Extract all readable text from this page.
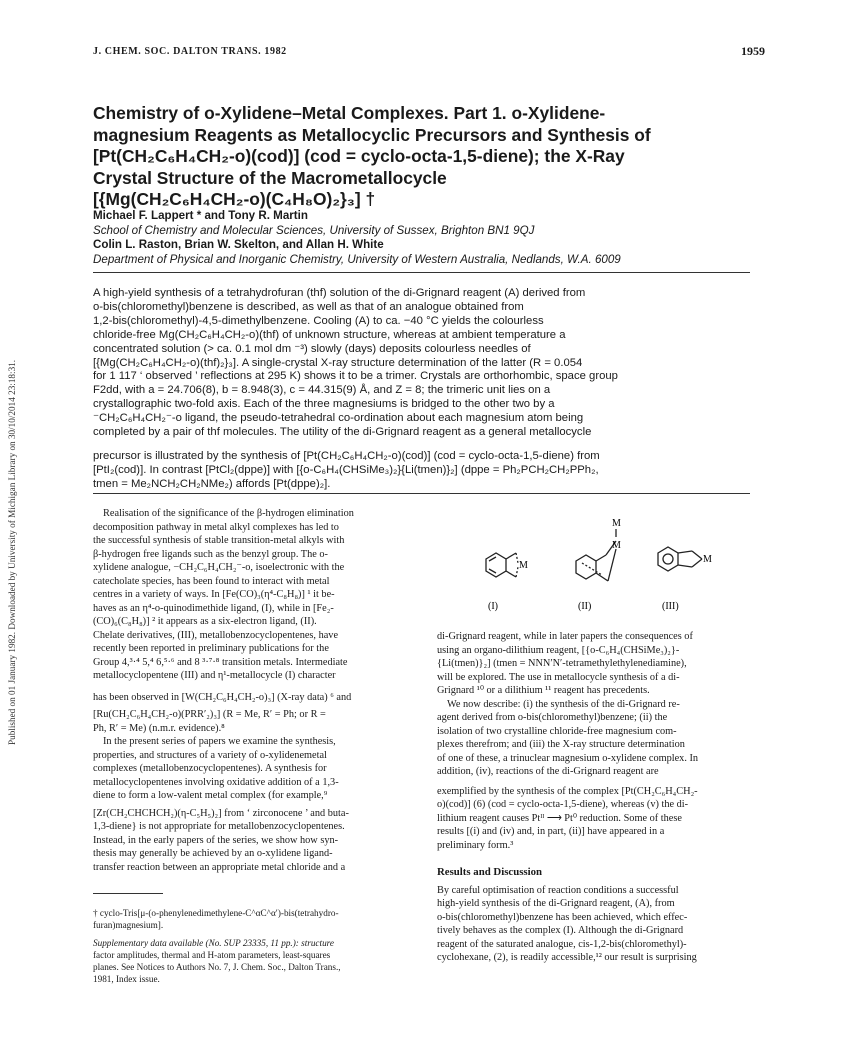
Published on 01 January 1982. Downloaded by University of Michigan Library on 30/10/2014 23:18:31.
J. CHEM. SOC. DALTON TRANS. 1982	1959
Chemistry of o-Xylidene–Metal Complexes. Part 1. o-Xylidene-
magnesium Reagents as Metallocyclic Precursors and Synthesis of
[Pt(CH₂C₆H₄CH₂-o)(cod)] (cod = cyclo-octa-1,5-diene); the X-Ray
Crystal Structure of the Macrometallocycle
[{Mg(CH₂C₆H₄CH₂-o)(C₄H₈O)₂}₃] †
Michael F. Lappert * and Tony R. Martin
School of Chemistry and Molecular Sciences, University of Sussex, Brighton BN1 9QJ
Colin L. Raston, Brian W. Skelton, and Allan H. White
Department of Physical and Inorganic Chemistry, University of Western Australia, Nedlands, W.A. 6009
A high-yield synthesis of a tetrahydrofuran (thf) solution of the di-Grignard reagent (A) derived from
o-bis(chloromethyl)benzene is described, as well as that of an analogue obtained from
1,2-bis(chloromethyl)-4,5-dimethylbenzene. Cooling (A) to ca. −40 °C yields the colourless
chloride-free Mg(CH₂C₆H₄CH₂-o)(thf) of unknown structure, whereas at ambient temperature a
concentrated solution (> ca. 0.1 mol dm ⁻³) slowly (days) deposits colourless needles of
[{Mg(CH₂C₆H₄CH₂-o)(thf)₂}₃]. A single-crystal X-ray structure determination of the latter (R = 0.054
for 1 117 ‘ observed ’ reflections at 295 K) shows it to be a trimer. Crystals are orthorhombic, space group
F2dd, with a = 24.706(8), b = 8.948(3), c = 44.315(9) Å, and Z = 8; the trimeric unit lies on a
crystallographic two-fold axis. Each of the three magnesiums is bridged to the other two by a
⁻CH₂C₆H₄CH₂⁻-o ligand, the pseudo-tetrahedral co-ordination about each magnesium atom being
completed by a pair of thf molecules. The utility of the di-Grignard reagent as a general metallocycle
precursor is illustrated by the synthesis of [Pt(CH₂C₆H₄CH₂-o)(cod)] (cod = cyclo-octa-1,5-diene) from
[PtI₂(cod)]. In contrast [PtCl₂(dppe)] with [{o-C₆H₄(CHSiMe₃)₂}{Li(tmen)}₂] (dppe = Ph₂PCH₂CH₂PPh₂,
tmen = Me₂NCH₂CH₂NMe₂) affords [Pt(dppe)₂].
Realisation of the significance of the β-hydrogen elimination
decomposition pathway in metal alkyl complexes has led to
the successful synthesis of stable transition-metal alkyls with
β-hydrogen free ligands such as the benzyl group. The o-
xylidene analogue, −CH₂C₆H₄CH₂⁻-o, isoelectronic with the
catecholate species, has been found to interact with metal
centres in a variety of ways. In [Fe(CO)₃(η⁴-C₈H₈)] ¹ it be-
haves as an η⁴-o-quinodimethide ligand, (I), while in [Fe₂-
(CO)₆(C₈H₈)] ² it appears as a six-electron ligand, (II).
Chelate derivatives, (III), metallobenzocyclopentenes, have
recently been reported in preliminary publications for the
Group 4,³·⁴ 5,⁴ 6,⁵·⁶ and 8 ³·⁷·⁸ transition metals. Intermediate
metallocyclopentene (III) and η¹-metallocycle (I) character
has been observed in [W(CH₂C₆H₄CH₂-o)₃] (X-ray data) ⁶ and
[Ru(CH₂C₆H₄CH₂-o)(PRR′₂)₃] (R = Me, R′ = Ph; or R =
Ph, R′ = Me) (n.m.r. evidence).⁸
In the present series of papers we examine the synthesis,
properties, and structures of a variety of o-xylidenemetal
complexes (metallobenzocyclopentenes). A synthesis for
metallocyclopentenes involving oxidative addition of a 1,3-
diene to form a low-valent metal complex (for example,⁹
[Zr(CH₂CHCHCH₂)(η-C₅H₅)₂] from ‘ zirconocene ’ and buta-
1,3-diene} is not appropriate for metallobenzocyclopentenes.
Instead, in the early papers of the series, we show how syn-
thesis may generally be achieved by an o-xylidene ligand-
transfer reaction between an appropriate metal chloride and a
† cyclo-Tris[μ-(o-phenylenedimethylene-C^αC^α′)-bis(tetrahydro-
furan)magnesium].
Supplementary data available (No. SUP 23335, 11 pp.): structure
factor amplitudes, thermal and H-atom parameters, least-squares
planes. See Notices to Authors No. 7, J. Chem. Soc., Dalton Trans.,
1981, Index issue.
M
M
M
M
(I)	(II)	(III)
di-Grignard reagent, while in later papers the consequences of
using an organo-dilithium reagent, [{o-C₆H₄(CHSiMe₃)₂}-
{Li(tmen)}₂] (tmen = NNN′N′-tetramethylethylenediamine),
will be explored. The use in metallocycle synthesis of a di-
Grignard ¹⁰ or a dilithium ¹¹ reagent has precedents.
We now describe: (i) the synthesis of the di-Grignard re-
agent derived from o-bis(chloromethyl)benzene; (ii) the
isolation of two crystalline chloride-free magnesium com-
plexes therefrom; and (iii) the X-ray structure determination
of one of these, a trinuclear magnesium o-xylidene complex. In
addition, (iv), reactions of the di-Grignard reagent are
exemplified by the synthesis of the complex [Pt(CH₂C₆H₄CH₂-
o)(cod)] (6) (cod = cyclo-octa-1,5-diene), whereas (v) the di-
lithium reagent causes Ptᴵᴵ ⟶ Pt⁰ reduction. Some of these
results [(i) and (iv) and, in part, (ii)] have appeared in a
preliminary form.³
Results and Discussion
By careful optimisation of reaction conditions a successful
high-yield synthesis of the di-Grignard reagent, (A), from
o-bis(chloromethyl)benzene has been achieved, which effec-
tively behaves as the complex (I). Although the di-Grignard
reagent of the saturated analogue, cis-1,2-bis(chloromethyl)-
cyclohexane, (2), is readily accessible,¹² our result is surprising
